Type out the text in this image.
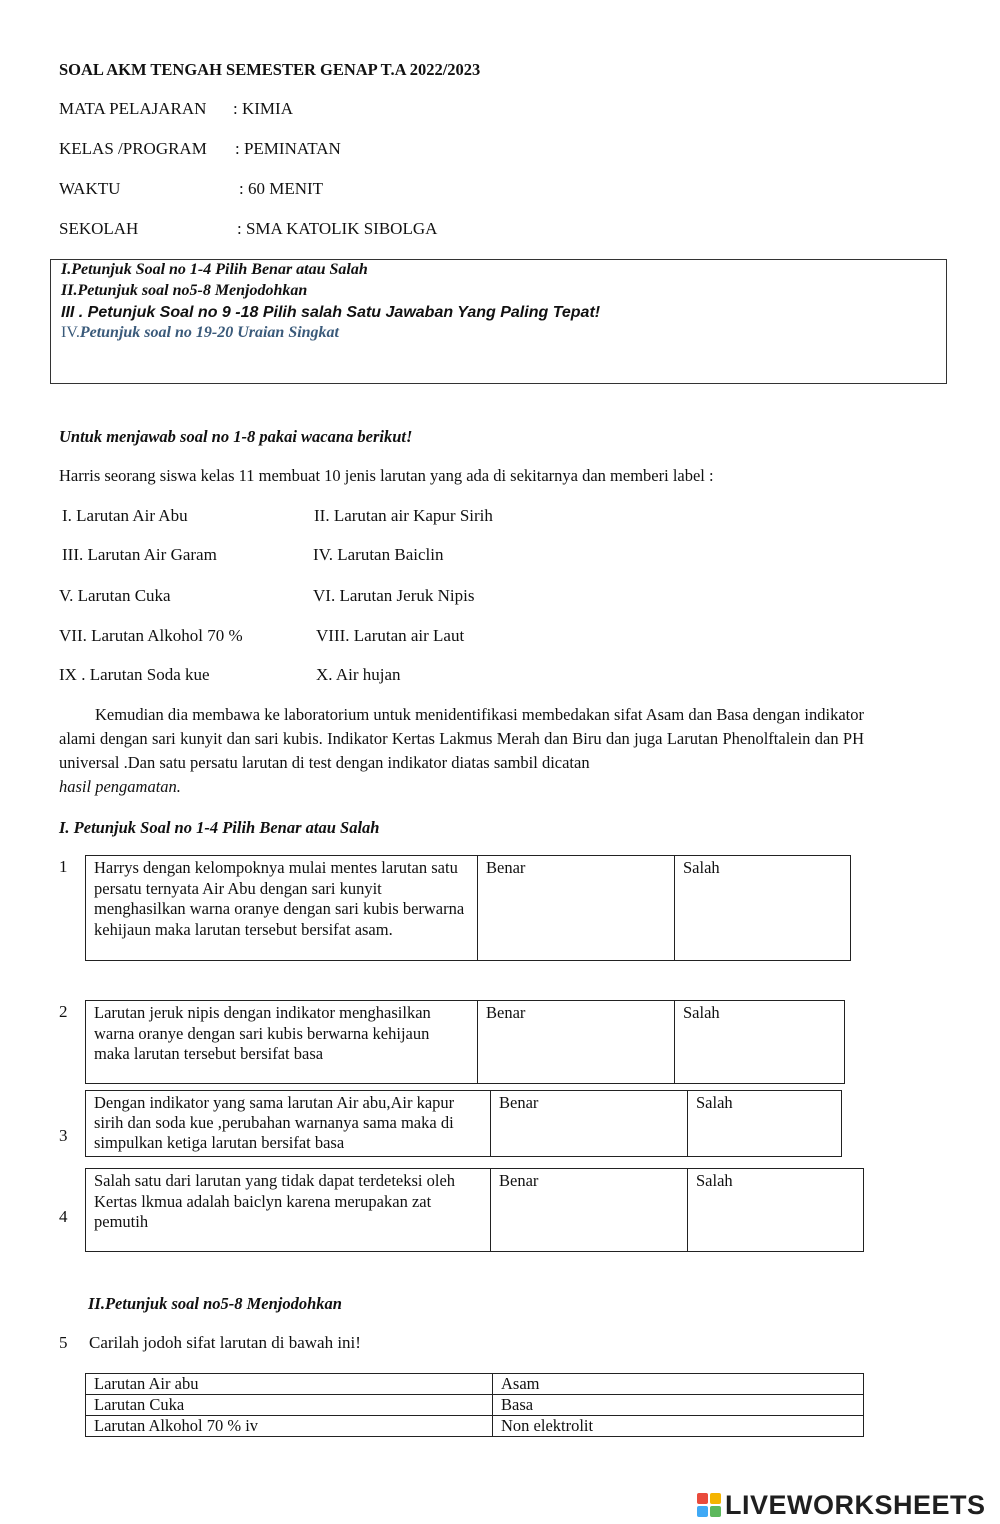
SOAL AKM TENGAH SEMESTER GENAP T.A 2022/2023
MATA PELAJARAN : KIMIA
KELAS /PROGRAM : PEMINATAN
WAKTU	: 60 MENIT
SEKOLAH	: SMA KATOLIK SIBOLGA
I.Petunjuk Soal no 1-4 Pilih Benar atau Salah
II.Petunjuk soal no5-8 Menjodohkan
III . Petunjuk Soal no 9 -18 Pilih salah Satu Jawaban Yang Paling Tepat!
IV.Petunjuk soal no 19-20 Uraian Singkat
Untuk menjawab soal no 1-8 pakai wacana berikut!
Harris seorang siswa kelas 11 membuat 10 jenis larutan yang ada di sekitarnya dan memberi label :
I. Larutan Air Abu	II. Larutan air Kapur Sirih
III. Larutan Air Garam	IV. Larutan Baiclin
V. Larutan Cuka	VI. Larutan Jeruk Nipis
VII. Larutan Alkohol 70 %	VIII. Larutan air Laut
IX . Larutan Soda kue	X. Air hujan
Kemudian dia membawa ke laboratorium untuk menidentifikasi membedakan sifat Asam dan Basa dengan indikator alami dengan sari kunyit dan sari kubis. Indikator Kertas Lakmus Merah dan Biru dan juga Larutan Phenolftalein dan PH universal .Dan satu persatu larutan di test dengan indikator diatas sambil dicatan
hasil pengamatan.
I. Petunjuk Soal no 1-4 Pilih Benar atau Salah
1 Harrys dengan kelompoknya mulai mentes larutan satu persatu ternyata Air Abu dengan sari kunyit menghasilkan warna oranye dengan sari kubis berwarna kehijaun maka larutan tersebut bersifat asam.	Benar	Salah
2 Larutan jeruk nipis dengan indikator menghasilkan warna oranye dengan sari kubis berwarna kehijaun maka larutan tersebut bersifat basa	Benar	Salah
3
Dengan indikator yang sama larutan Air abu,Air kapur sirih dan soda kue ,perubahan warnanya sama maka di simpulkan ketiga larutan bersifat basa	Benar	Salah
4
Salah satu dari larutan yang tidak dapat terdeteksi oleh Kertas lkmua adalah baiclyn karena merupakan zat pemutih	Benar	Salah
II.Petunjuk soal no5-8 Menjodohkan
5 Carilah jodoh sifat larutan di bawah ini!
Larutan Air abu	Asam
Larutan Cuka	Basa
Larutan Alkohol 70 % iv	Non elektrolit
LIVEWORKSHEETS
